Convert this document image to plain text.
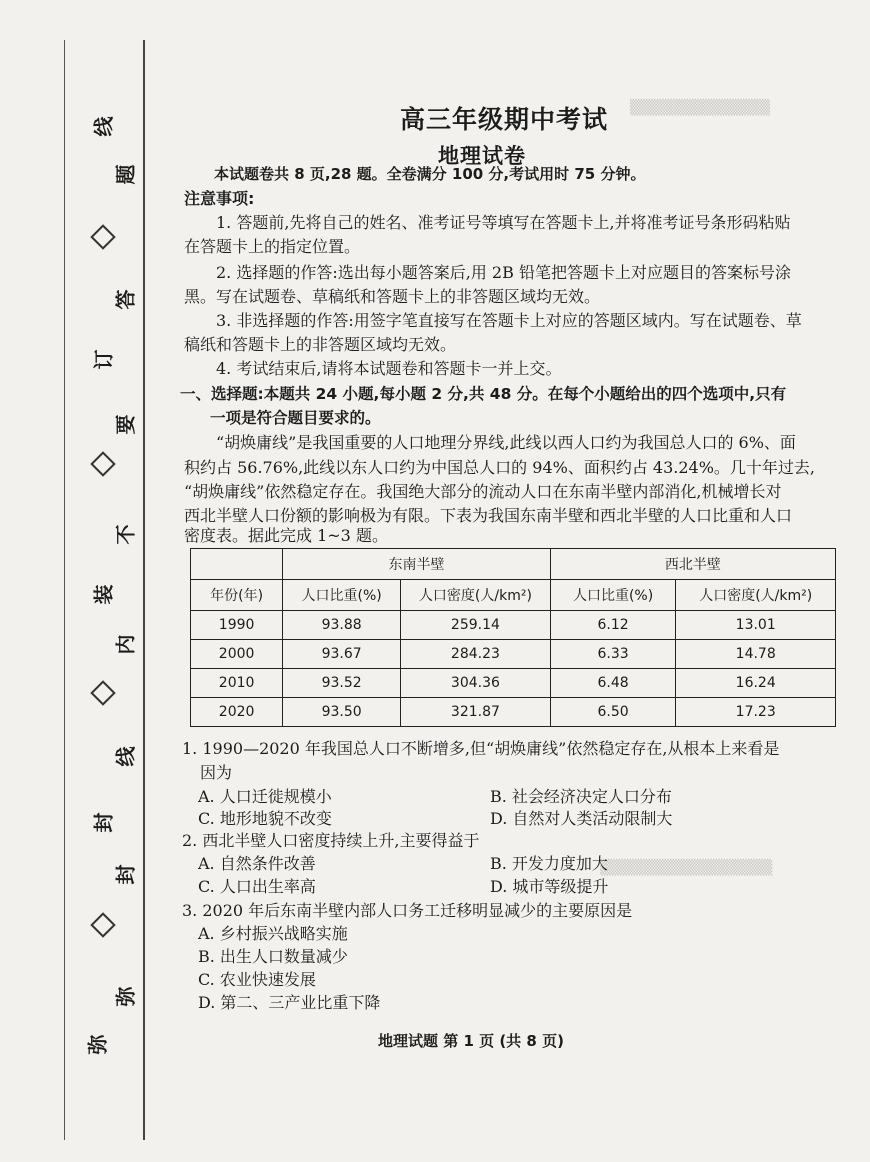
线
题
答
订
要
不
装
内
线
封
封
弥
弥
▒▒▒▒▒▒▒▒▒▒▒▒▒
▒▒▒▒▒▒▒▒▒▒▒▒▒▒▒▒
高三年级期中考试
地理试卷
本试题卷共 8 页,28 题。全卷满分 100 分,考试用时 75 分钟。
注意事项:
1. 答题前,先将自己的姓名、准考证号等填写在答题卡上,并将准考证号条形码粘贴
在答题卡上的指定位置。
2. 选择题的作答:选出每小题答案后,用 2B 铅笔把答题卡上对应题目的答案标号涂
黑。写在试题卷、草稿纸和答题卡上的非答题区域均无效。
3. 非选择题的作答:用签字笔直接写在答题卡上对应的答题区域内。写在试题卷、草
稿纸和答题卡上的非答题区域均无效。
4. 考试结束后,请将本试题卷和答题卡一并上交。
一、选择题:本题共 24 小题,每小题 2 分,共 48 分。在每个小题给出的四个选项中,只有
一项是符合题目要求的。
“胡焕庸线”是我国重要的人口地理分界线,此线以西人口约为我国总人口的 6%、面
积约占 56.76%,此线以东人口约为中国总人口的 94%、面积约占 43.24%。几十年过去,
“胡焕庸线”依然稳定存在。我国绝大部分的流动人口在东南半壁内部消化,机械增长对
西北半壁人口份额的影响极为有限。下表为我国东南半壁和西北半壁的人口比重和人口
密度表。据此完成 1~3 题。
	东南半壁		西北半壁	
年份(年)	人口比重(%)	人口密度(人/km²)	人口比重(%)	人口密度(人/km²)
1990	93.88	259.14	6.12	13.01
2000	93.67	284.23	6.33	14.78
2010	93.52	304.36	6.48	16.24
2020	93.50	321.87	6.50	17.23
1. 1990—2020 年我国总人口不断增多,但“胡焕庸线”依然稳定存在,从根本上来看是
因为
A. 人口迁徙规模小	B. 社会经济决定人口分布
C. 地形地貌不改变	D. 自然对人类活动限制大
2. 西北半壁人口密度持续上升,主要得益于
A. 自然条件改善	B. 开发力度加大
C. 人口出生率高	D. 城市等级提升
3. 2020 年后东南半壁内部人口务工迁移明显减少的主要原因是
A. 乡村振兴战略实施
B. 出生人口数量减少
C. 农业快速发展
D. 第二、三产业比重下降
地理试题 第 1 页 (共 8 页)
